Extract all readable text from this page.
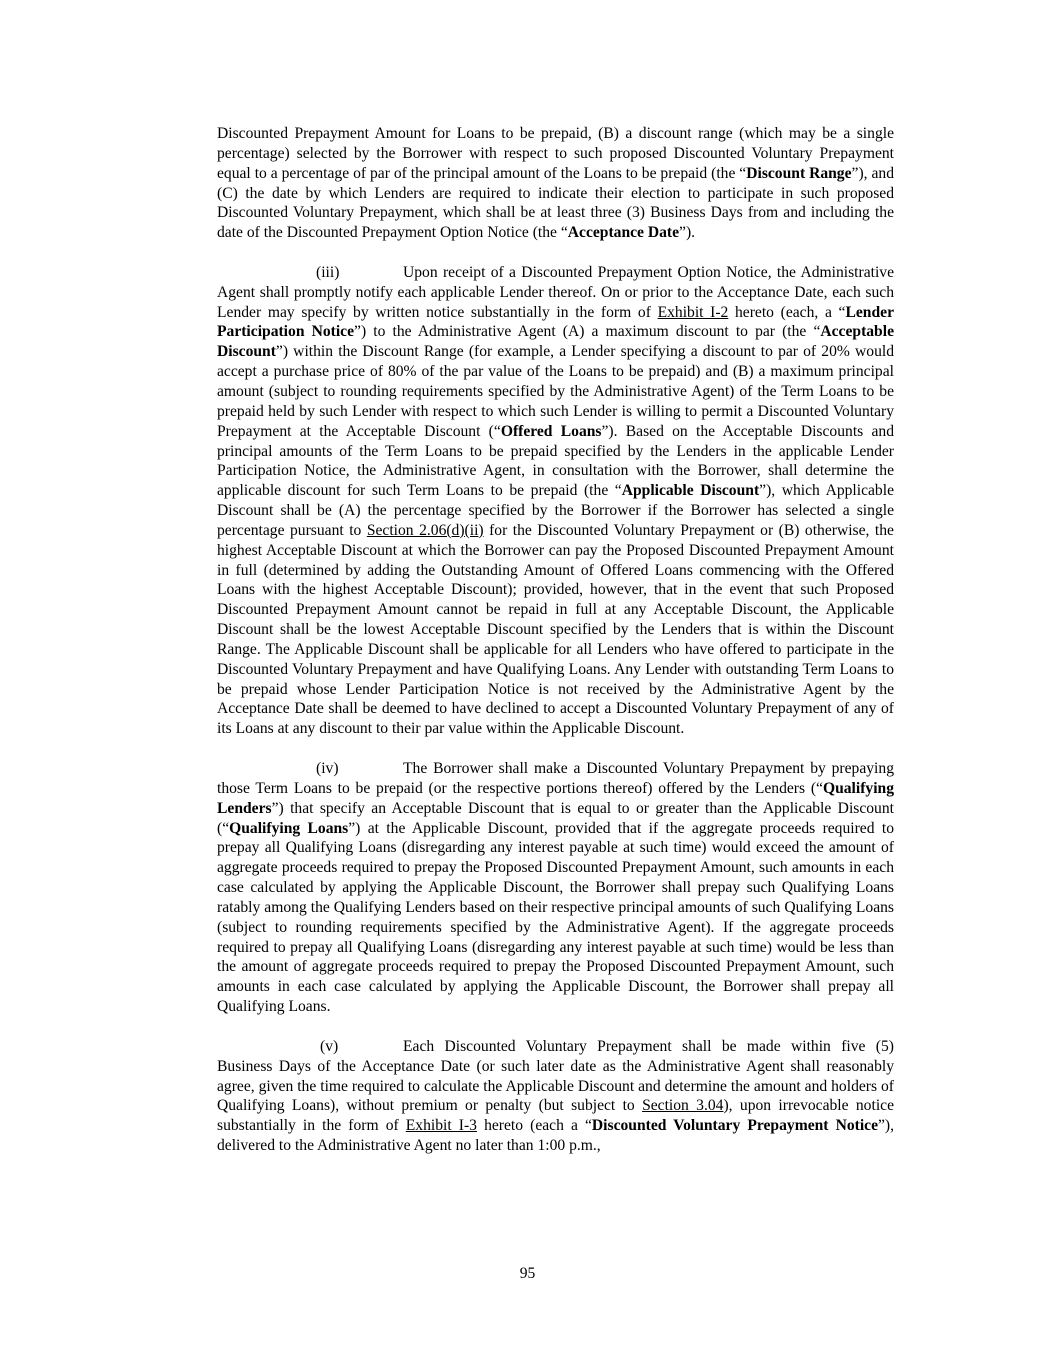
Discounted Prepayment Amount for Loans to be prepaid, (B) a discount range (which may be a single percentage) selected by the Borrower with respect to such proposed Discounted Voluntary Prepayment equal to a percentage of par of the principal amount of the Loans to be prepaid (the “Discount Range”), and (C) the date by which Lenders are required to indicate their election to participate in such proposed Discounted Voluntary Prepayment, which shall be at least three (3) Business Days from and including the date of the Discounted Prepayment Option Notice (the “Acceptance Date”).

(iii)	Upon receipt of a Discounted Prepayment Option Notice, the Administrative Agent shall promptly notify each applicable Lender thereof. On or prior to the Acceptance Date, each such Lender may specify by written notice substantially in the form of Exhibit I-2 hereto (each, a “Lender Participation Notice”) to the Administrative Agent (A) a maximum discount to par (the “Acceptable Discount”) within the Discount Range (for example, a Lender specifying a discount to par of 20% would accept a purchase price of 80% of the par value of the Loans to be prepaid) and (B) a maximum principal amount (subject to rounding requirements specified by the Administrative Agent) of the Term Loans to be prepaid held by such Lender with respect to which such Lender is willing to permit a Discounted Voluntary Prepayment at the Acceptable Discount (“Offered Loans”). Based on the Acceptable Discounts and principal amounts of the Term Loans to be prepaid specified by the Lenders in the applicable Lender Participation Notice, the Administrative Agent, in consultation with the Borrower, shall determine the applicable discount for such Term Loans to be prepaid (the “Applicable Discount”), which Applicable Discount shall be (A) the percentage specified by the Borrower if the Borrower has selected a single percentage pursuant to Section 2.06(d)(ii) for the Discounted Voluntary Prepayment or (B) otherwise, the highest Acceptable Discount at which the Borrower can pay the Proposed Discounted Prepayment Amount in full (determined by adding the Outstanding Amount of Offered Loans commencing with the Offered Loans with the highest Acceptable Discount); provided, however, that in the event that such Proposed Discounted Prepayment Amount cannot be repaid in full at any Acceptable Discount, the Applicable Discount shall be the lowest Acceptable Discount specified by the Lenders that is within the Discount Range. The Applicable Discount shall be applicable for all Lenders who have offered to participate in the Discounted Voluntary Prepayment and have Qualifying Loans. Any Lender with outstanding Term Loans to be prepaid whose Lender Participation Notice is not received by the Administrative Agent by the Acceptance Date shall be deemed to have declined to accept a Discounted Voluntary Prepayment of any of its Loans at any discount to their par value within the Applicable Discount.

(iv)	The Borrower shall make a Discounted Voluntary Prepayment by prepaying those Term Loans to be prepaid (or the respective portions thereof) offered by the Lenders (“Qualifying Lenders”) that specify an Acceptable Discount that is equal to or greater than the Applicable Discount (“Qualifying Loans”) at the Applicable Discount, provided that if the aggregate proceeds required to prepay all Qualifying Loans (disregarding any interest payable at such time) would exceed the amount of aggregate proceeds required to prepay the Proposed Discounted Prepayment Amount, such amounts in each case calculated by applying the Applicable Discount, the Borrower shall prepay such Qualifying Loans ratably among the Qualifying Lenders based on their respective principal amounts of such Qualifying Loans (subject to rounding requirements specified by the Administrative Agent). If the aggregate proceeds required to prepay all Qualifying Loans (disregarding any interest payable at such time) would be less than the amount of aggregate proceeds required to prepay the Proposed Discounted Prepayment Amount, such amounts in each case calculated by applying the Applicable Discount, the Borrower shall prepay all Qualifying Loans.

(v)	Each Discounted Voluntary Prepayment shall be made within five (5) Business Days of the Acceptance Date (or such later date as the Administrative Agent shall reasonably agree, given the time required to calculate the Applicable Discount and determine the amount and holders of Qualifying Loans), without premium or penalty (but subject to Section 3.04), upon irrevocable notice substantially in the form of Exhibit I-3 hereto (each a “Discounted Voluntary Prepayment Notice”), delivered to the Administrative Agent no later than 1:00 p.m.,

95
